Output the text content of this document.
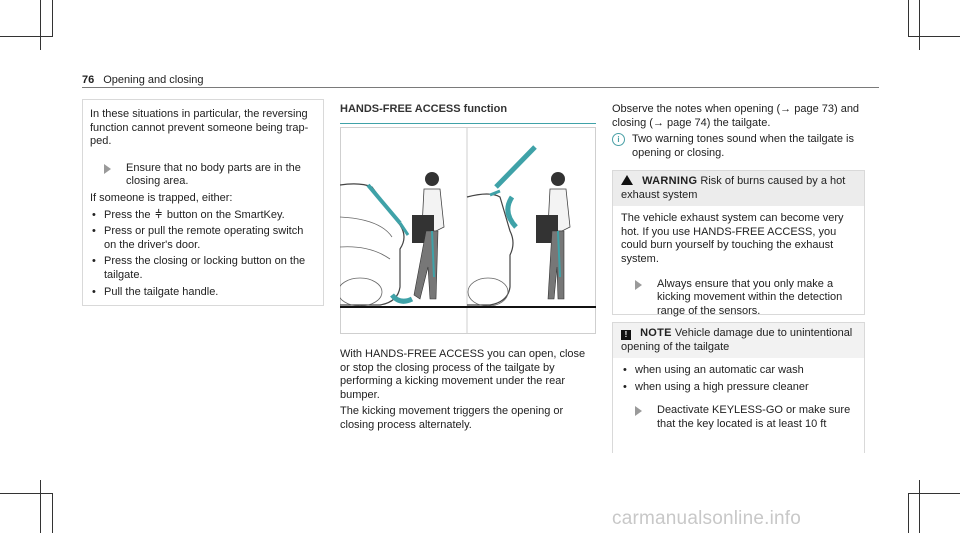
76 Opening and closing

In these situations in particular, the reversing function cannot prevent someone being trapped.

Ensure that no body parts are in the closing area.

If someone is trapped, either:

• Press the ⫩ button on the SmartKey.
• Press or pull the remote operating switch on the driver's door.
• Press the closing or locking button on the tailgate.
• Pull the tailgate handle.
HANDS-FREE ACCESS function

With HANDS-FREE ACCESS you can open, close or stop the closing process of the tailgate by performing a kicking movement under the rear bumper.

The kicking movement triggers the opening or closing process alternately.

Observe the notes when opening (→ page 73) and closing (→ page 74) the tailgate.

i	Two warning tones sound when the tailgate is opening or closing.

WARNING Risk of burns caused by a hot exhaust system

The vehicle exhaust system can become very hot. If you use HANDS-FREE ACCESS, you could burn yourself by touching the exhaust system.

Always ensure that you only make a kicking movement within the detection range of the sensors.

! NOTE Vehicle damage due to unintentional opening of the tailgate
• when using an automatic car wash
• when using a high pressure cleaner

Deactivate KEYLESS-GO or make sure that the key located is at least 10 ft

carmanualsonline.info
